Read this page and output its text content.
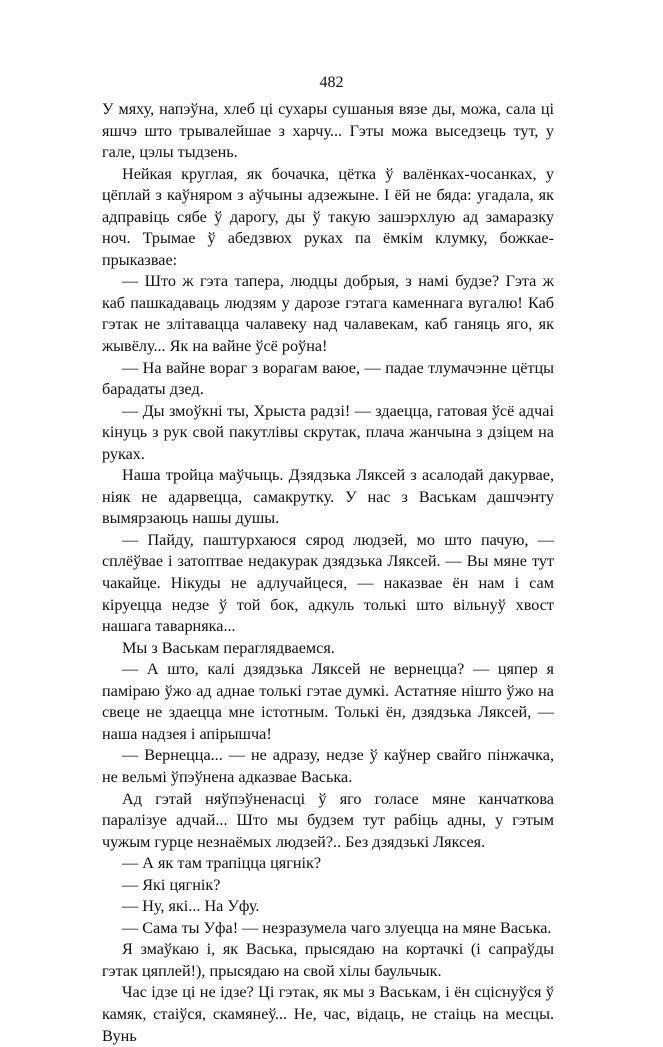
482

У мяху, напэўна, хлеб ці сухары сушаныя вязе ды, можа, сала ці яшчэ што трывалейшае з харчу... Гэты можа выседзець тут, у гале, цэлы тыдзень.

Нейкая круглая, як бочачка, цётка ў валёнках-чосанках, у цёплай з каўняром з аўчыны адзежыне. І ёй не бяда: угадала, як адправіць сябе ў дарогу, ды ў такую зашэрхлую ад замаразку ноч. Трымае ў абедзвюх руках па ёмкім клумку, божкае-прыказвае:

— Што ж гэта тапера, людцы добрыя, з намі будзе? Гэта ж каб пашкадаваць людзям у дарозе гэтага каменнага вугалю! Каб гэтак не злітавацца чалавеку над чалавекам, каб ганяць яго, як жывёлу... Як на вайне ўсё роўна!

— На вайне вораг з ворагам ваюе, — падае тлумачэнне цётцы барадаты дзед.

— Ды змоўкні ты, Хрыста радзі! — здаецца, гатовая ўсё адчаі кінуць з рук свой пакутлівы скрутак, плача жанчына з дзіцем на руках.

Наша тройца маўчыць. Дзядзька Ляксей з асалодай дакурвае, ніяк не адарвецца, самакрутку. У нас з Васькам дашчэнту вымярзаюць нашы душы.

— Пайду, паштурхаюся сярод людзей, мо што пачую, — сплёўвае і затоптвае недакурак дзядзька Ляксей. — Вы мяне тут чакайце. Нікуды не адлучайцеся, — наказвае ён нам і сам кіруецца недзе ў той бок, адкуль толькі што вільнуў хвост нашага таварняка...

Мы з Васькам пераглядваемся.

— А што, калі дзядзька Ляксей не вернецца? — цяпер я паміраю ўжо ад аднае толькі гэтае думкі. Астатняе нішто ўжо на свеце не здаецца мне істотным. Толькі ён, дзядзька Ляксей, — наша надзея і апірышча!

— Вернецца... — не адразу, недзе ў каўнер свайго пінжачка, не вельмі ўпэўнена адказвае Васька.

Ад гэтай няўпэўненасці ў яго голасе мяне канчаткова паралізуе адчай... Што мы будзем тут рабіць адны, у гэтым чужым гурце незнаёмых людзей?.. Без дзядзькі Ляксея.

— А як там трапіцца цягнік?

— Які цягнік?

— Ну, які... На Уфу.

— Сама ты Уфа! — незразумела чаго злуецца на мяне Васька.

Я змаўкаю і, як Васька, прысядаю на кортачкі (і сапраўды гэтак цяплей!), прысядаю на свой хілы баульчык.

Час ідзе ці не ідзе? Ці гэтак, як мы з Васькам, і ён сціснуўся ў камяк, стаіўся, скамянеў... Не, час, відаць, не стаіць на месцы. Вунь
